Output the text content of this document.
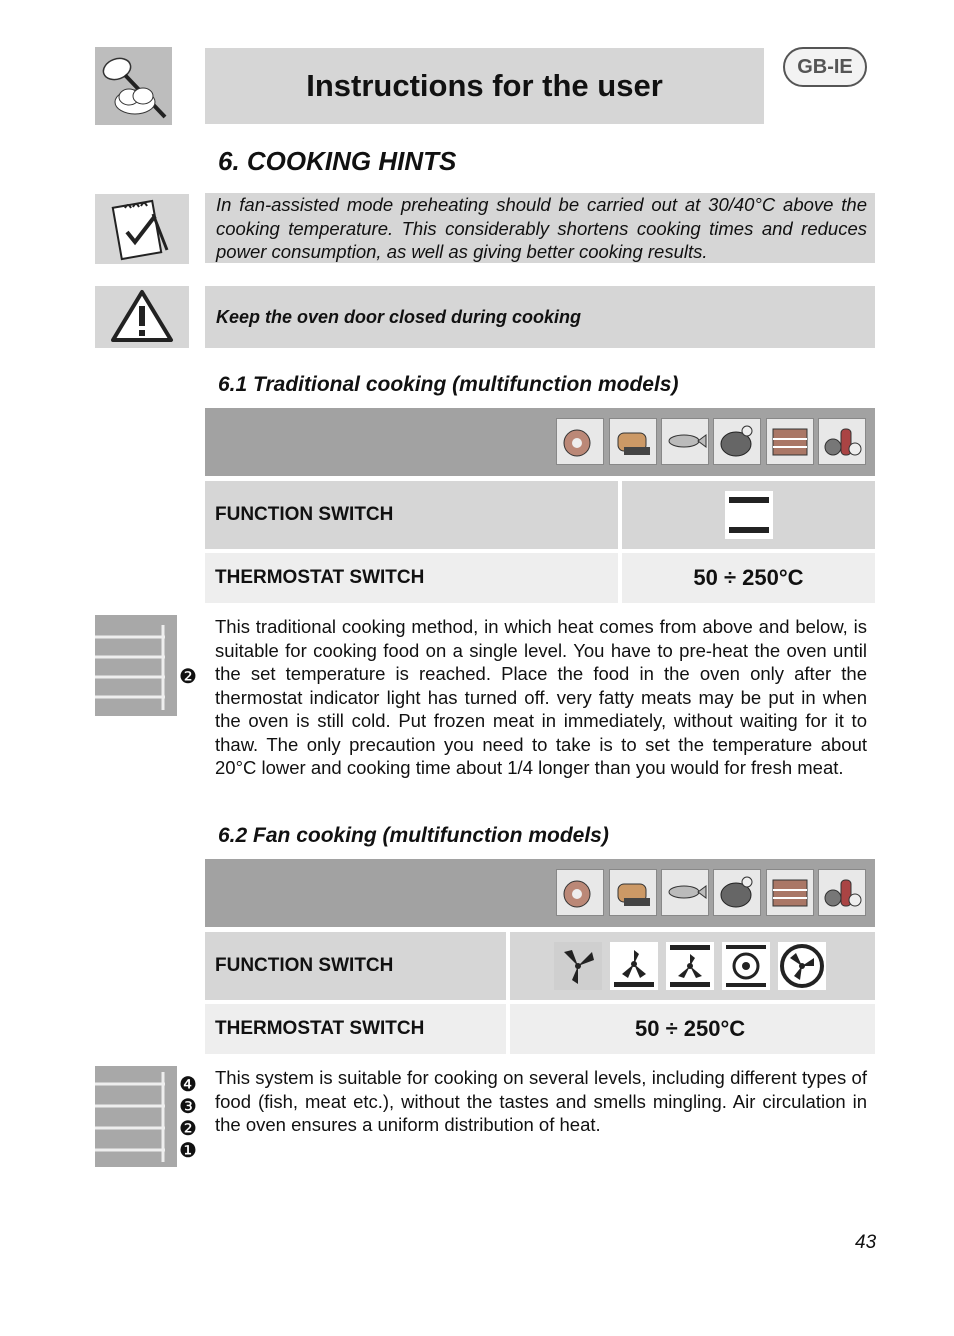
Instructions for the user
GB-IE
6. COOKING HINTS
In fan-assisted mode preheating should be carried out at 30/40°C above the cooking temperature. This considerably shortens cooking times and reduces power consumption, as well as giving better cooking results.
Keep the oven door closed during cooking
6.1 Traditional cooking (multifunction models)
FUNCTION SWITCH
THERMOSTAT SWITCH	50 ÷ 250°C
❷
This traditional cooking method, in which heat comes from above and below, is suitable for cooking food on a single level. You have to pre-heat the oven until the set temperature is reached. Place the food in the oven only after the thermostat indicator light has turned off. very fatty meats may be put in when the oven is still cold. Put frozen meat in immediately, without waiting for it to thaw. The only precaution you need to take is to set the temperature about 20°C lower and cooking time about 1/4 longer than you would for fresh meat.
6.2 Fan cooking (multifunction models)
FUNCTION SWITCH
THERMOSTAT SWITCH	50 ÷ 250°C
❹
❸
❷
❶
This system is suitable for cooking on several levels, including different types of food (fish, meat etc.), without the tastes and smells mingling. Air circulation in the oven ensures a uniform distribution of heat.
43
